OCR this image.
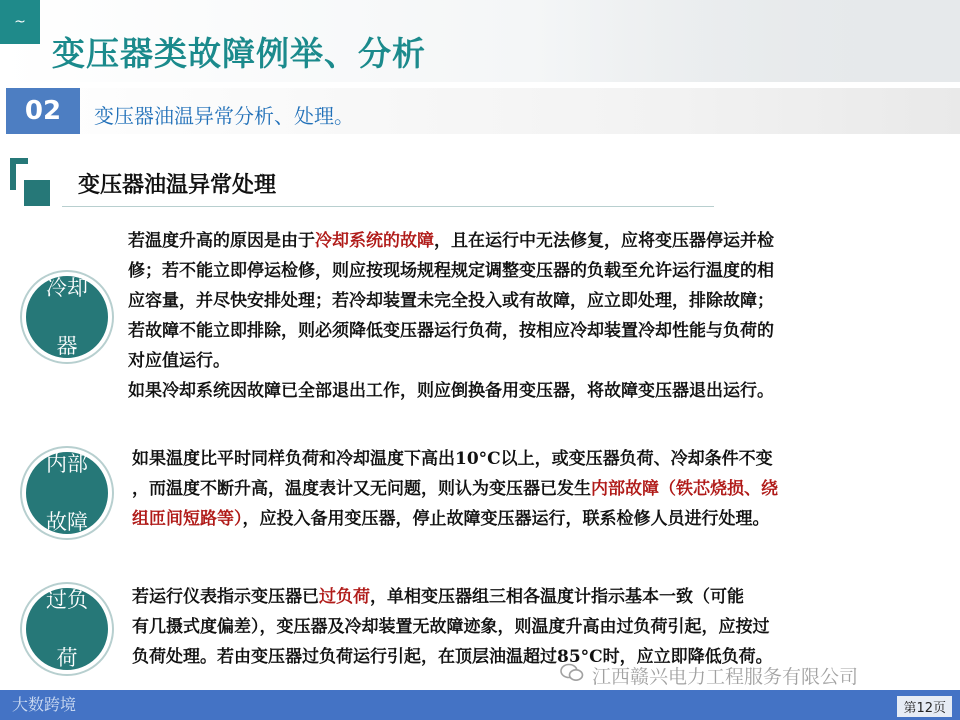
~
变压器类故障例举、分析
02	变压器油温异常分析、处理。
变压器油温异常处理
冷却

器
若温度升高的原因是由于冷却系统的故障，且在运行中无法修复，应将变压器停运并检
修；若不能立即停运检修，则应按现场规程规定调整变压器的负载至允许运行温度的相
应容量，并尽快安排处理；若冷却装置未完全投入或有故障，应立即处理，排除故障；
若故障不能立即排除，则必须降低变压器运行负荷，按相应冷却装置冷却性能与负荷的
对应值运行。
如果冷却系统因故障已全部退出工作，则应倒换备用变压器，将故障变压器退出运行。
内部

故障
如果温度比平时同样负荷和冷却温度下高出10°C以上，或变压器负荷、冷却条件不变
，而温度不断升高，温度表计又无问题，则认为变压器已发生内部故障（铁芯烧损、绕
组匝间短路等），应投入备用变压器，停止故障变压器运行，联系检修人员进行处理。
过负

荷
若运行仪表指示变压器已过负荷，单相变压器组三相各温度计指示基本一致（可能
有几摄式度偏差），变压器及冷却装置无故障迹象，则温度升高由过负荷引起，应按过
负荷处理。若由变压器过负荷运行引起，在顶层油温超过85°C时，应立即降低负荷。
大数跨境
江西赣兴电力工程服务有限公司
第12页
